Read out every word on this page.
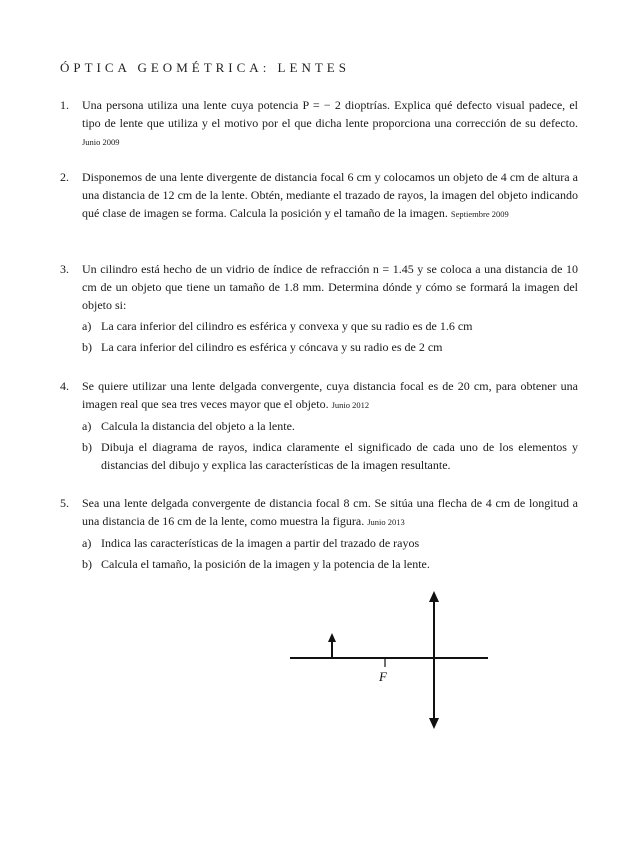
ÓPTICA GEOMÉTRICA: LENTES
1. Una persona utiliza una lente cuya potencia P = − 2 dioptrías. Explica qué defecto visual padece, el tipo de lente que utiliza y el motivo por el que dicha lente proporciona una corrección de su defecto. Junio 2009
2. Disponemos de una lente divergente de distancia focal 6 cm y colocamos un objeto de 4 cm de altura a una distancia de 12 cm de la lente. Obtén, mediante el trazado de rayos, la imagen del objeto indicando qué clase de imagen se forma. Calcula la posición y el tamaño de la imagen. Septiembre 2009
3. Un cilindro está hecho de un vidrio de índice de refracción n = 1.45 y se coloca a una distancia de 10 cm de un objeto que tiene un tamaño de 1.8 mm. Determina dónde y cómo se formará la imagen del objeto si:
a) La cara inferior del cilindro es esférica y convexa y que su radio es de 1.6 cm
b) La cara inferior del cilindro es esférica y cóncava y su radio es de 2 cm
4. Se quiere utilizar una lente delgada convergente, cuya distancia focal es de 20 cm, para obtener una imagen real que sea tres veces mayor que el objeto. Junio 2012
a) Calcula la distancia del objeto a la lente.
b) Dibuja el diagrama de rayos, indica claramente el significado de cada uno de los elementos y distancias del dibujo y explica las características de la imagen resultante.
5. Sea una lente delgada convergente de distancia focal 8 cm. Se sitúa una flecha de 4 cm de longitud a una distancia de 16 cm de la lente, como muestra la figura. Junio 2013
a) Indica las características de la imagen a partir del trazado de rayos
b) Calcula el tamaño, la posición de la imagen y la potencia de la lente.
F
